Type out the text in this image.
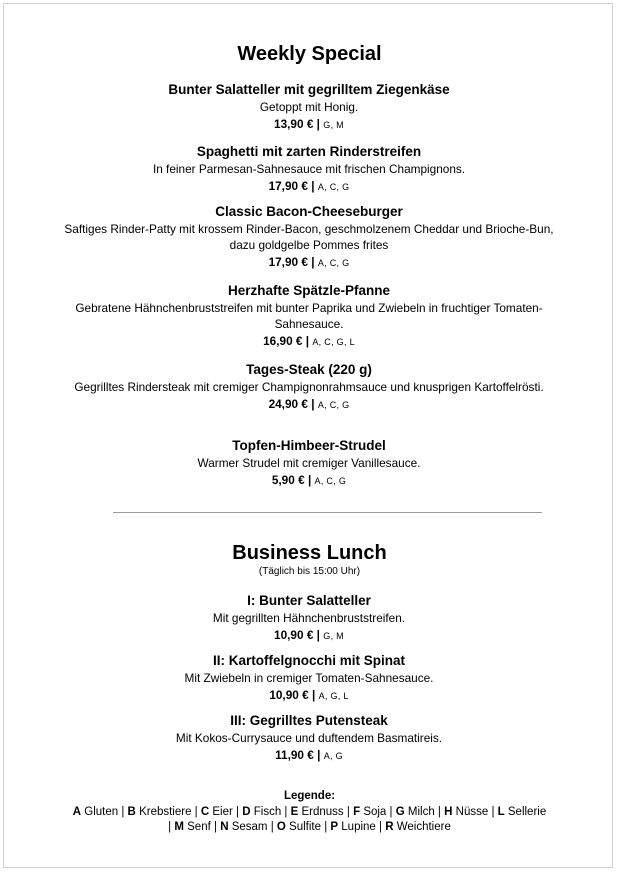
Weekly Special
Bunter Salatteller mit gegrilltem Ziegenkäse
Getoppt mit Honig.
13,90 € | G, M
Spaghetti mit zarten Rinderstreifen
In feiner Parmesan-Sahnesauce mit frischen Champignons.
17,90 € | A, C, G
Classic Bacon-Cheeseburger
Saftiges Rinder-Patty mit krossem Rinder-Bacon, geschmolzenem Cheddar und Brioche-Bun, dazu goldgelbe Pommes frites
17,90 € | A, C, G
Herzhafte Spätzle-Pfanne
Gebratene Hähnchenbruststreifen mit bunter Paprika und Zwiebeln in fruchtiger Tomaten-Sahnesauce.
16,90 € | A, C, G, L
Tages-Steak (220 g)
Gegrilltes Rindersteak mit cremiger Champignonrahmsauce und knusprigen Kartoffelrösti.
24,90 € | A, C, G
Topfen-Himbeer-Strudel
Warmer Strudel mit cremiger Vanillesauce.
5,90 € | A, C, G
Business Lunch
(Täglich bis 15:00 Uhr)
I: Bunter Salatteller
Mit gegrillten Hähnchenbruststreifen.
10,90 € | G, M
II: Kartoffelgnocchi mit Spinat
Mit Zwiebeln in cremiger Tomaten-Sahnesauce.
10,90 € | A, G, L
III: Gegrilltes Putensteak
Mit Kokos-Currysauce und duftendem Basmatireis.
11,90 € | A, G
Legende:
A Gluten | B Krebstiere | C Eier | D Fisch | E Erdnuss | F Soja | G Milch | H Nüsse | L Sellerie | M Senf | N Sesam | O Sulfite | P Lupine | R Weichtiere
